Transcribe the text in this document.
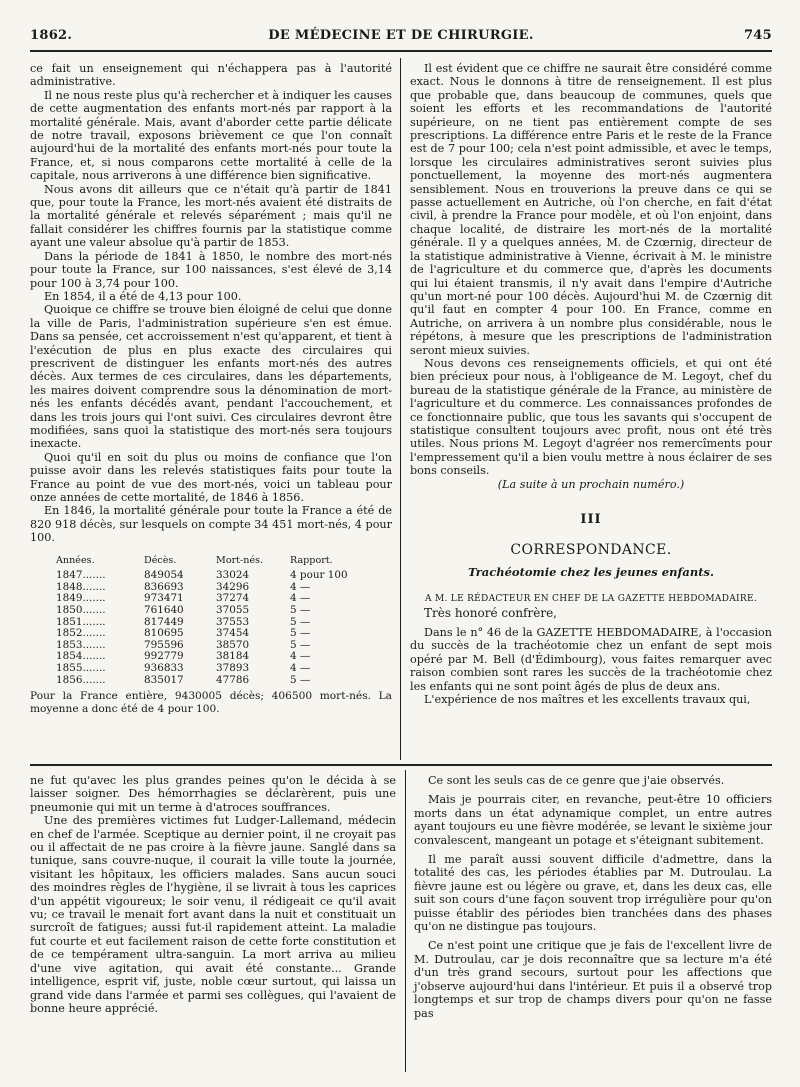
1862.	DE MÉDECINE ET DE CHIRURGIE.	745

ce fait un enseignement qui n'échappera pas à l'autorité administrative.

Il ne nous reste plus qu'à rechercher et à indiquer les causes de cette augmentation des enfants mort-nés par rapport à la mortalité générale. Mais, avant d'aborder cette partie délicate de notre travail, exposons brièvement ce que l'on connaît aujourd'hui de la mortalité des enfants mort-nés pour toute la France, et, si nous comparons cette mortalité à celle de la capitale, nous arriverons à une différence bien significative.

Nous avons dit ailleurs que ce n'était qu'à partir de 1841 que, pour toute la France, les mort-nés avaient été distraits de la mortalité générale et relevés séparément ; mais qu'il ne fallait considérer les chiffres fournis par la statistique comme ayant une valeur absolue qu'à partir de 1853.

Dans la période de 1841 à 1850, le nombre des mort-nés pour toute la France, sur 100 naissances, s'est élevé de 3,14 pour 100 à 3,74 pour 100.

En 1854, il a été de 4,13 pour 100.

Quoique ce chiffre se trouve bien éloigné de celui que donne la ville de Paris, l'administration supérieure s'en est émue. Dans sa pensée, cet accroissement n'est qu'apparent, et tient à l'exécution de plus en plus exacte des circulaires qui prescrivent de distinguer les enfants mort-nés des autres décès. Aux termes de ces circulaires, dans les départements, les maires doivent comprendre sous la dénomination de mort-nés les enfants décédés avant, pendant l'accouchement, et dans les trois jours qui l'ont suivi. Ces circulaires devront être modifiées, sans quoi la statistique des mort-nés sera toujours inexacte.

Quoi qu'il en soit du plus ou moins de confiance que l'on puisse avoir dans les relevés statistiques faits pour toute la France au point de vue des mort-nés, voici un tableau pour onze années de cette mortalité, de 1846 à 1856.

En 1846, la mortalité générale pour toute la France a été de 820 918 décès, sur lesquels on compte 34 451 mort-nés, 4 pour 100.

Années.	Décès.	Mort-nés.	Rapport.
1847.......	849054	33024	4 pour 100
1848.......	836693	34296	4 —
1849.......	973471	37274	4 —
1850.......	761640	37055	5 —
1851.......	817449	37553	5 —
1852.......	810695	37454	5 —
1853.......	795596	38570	5 —
1854.......	992779	38184	4 —
1855.......	936833	37893	4 —
1856.......	835017	47786	5 —

Pour la France entière, 9430005 décès; 406500 mort-nés. La moyenne a donc été de 4 pour 100.

Il est évident que ce chiffre ne saurait être considéré comme exact. Nous le donnons à titre de renseignement. Il est plus que probable que, dans beaucoup de communes, quels que soient les efforts et les recommandations de l'autorité supérieure, on ne tient pas entièrement compte de ses prescriptions. La différence entre Paris et le reste de la France est de 7 pour 100; cela n'est point admissible, et avec le temps, lorsque les circulaires administratives seront suivies plus ponctuellement, la moyenne des mort-nés augmentera sensiblement. Nous en trouverions la preuve dans ce qui se passe actuellement en Autriche, où l'on cherche, en fait d'état civil, à prendre la France pour modèle, et où l'on enjoint, dans chaque localité, de distraire les mort-nés de la mortalité générale. Il y a quelques années, M. de Czœrnig, directeur de la statistique administrative à Vienne, écrivait à M. le ministre de l'agriculture et du commerce que, d'après les documents qui lui étaient transmis, il n'y avait dans l'empire d'Autriche qu'un mort-né pour 100 décès. Aujourd'hui M. de Czœrnig dit qu'il faut en compter 4 pour 100. En France, comme en Autriche, on arrivera à un nombre plus considérable, nous le répétons, à mesure que les prescriptions de l'administration seront mieux suivies.

Nous devons ces renseignements officiels, et qui ont été bien précieux pour nous, à l'obligeance de M. Legoyt, chef du bureau de la statistique générale de la France, au ministère de l'agriculture et du commerce. Les connaissances profondes de ce fonctionnaire public, que tous les savants qui s'occupent de statistique consultent toujours avec profit, nous ont été très utiles. Nous prions M. Legoyt d'agréer nos remercîments pour l'empressement qu'il a bien voulu mettre à nous éclairer de ses bons conseils.

(La suite à un prochain numéro.)

III
CORRESPONDANCE.
Trachéotomie chez les jeunes enfants.
A M. LE RÉDACTEUR EN CHEF DE LA GAZETTE HEBDOMADAIRE.

Très honoré confrère,

Dans le n° 46 de la GAZETTE HEBDOMADAIRE, à l'occasion du succès de la trachéotomie chez un enfant de sept mois opéré par M. Bell (d'Édimbourg), vous faites remarquer avec raison combien sont rares les succès de la trachéotomie chez les enfants qui ne sont point âgés de plus de deux ans.

L'expérience de nos maîtres et les excellents travaux qui,

ne fut qu'avec les plus grandes peines qu'on le décida à se laisser soigner. Des hémorrhagies se déclarèrent, puis une pneumonie qui mit un terme à d'atroces souffrances.

Une des premières victimes fut Ludger-Lallemand, médecin en chef de l'armée. Sceptique au dernier point, il ne croyait pas ou il affectait de ne pas croire à la fièvre jaune. Sanglé dans sa tunique, sans couvre-nuque, il courait la ville toute la journée, visitant les hôpitaux, les officiers malades. Sans aucun souci des moindres règles de l'hygiène, il se livrait à tous les caprices d'un appétit vigoureux; le soir venu, il rédigeait ce qu'il avait vu; ce travail le menait fort avant dans la nuit et constituait un surcroît de fatigues; aussi fut-il rapidement atteint. La maladie fut courte et eut facilement raison de cette forte constitution et de ce tempérament ultra-sanguin. La mort arriva au milieu d'une vive agitation, qui avait été constante... Grande intelligence, esprit vif, juste, noble cœur surtout, qui laissa un grand vide dans l'armée et parmi ses collègues, qui l'avaient de bonne heure apprécié.

Ce sont les seuls cas de ce genre que j'aie observés.

Mais je pourrais citer, en revanche, peut-être 10 officiers morts dans un état adynamique complet, un entre autres ayant toujours eu une fièvre modérée, se levant le sixième jour convalescent, mangeant un potage et s'éteignant subitement.

Il me paraît aussi souvent difficile d'admettre, dans la totalité des cas, les périodes établies par M. Dutroulau. La fièvre jaune est ou légère ou grave, et, dans les deux cas, elle suit son cours d'une façon souvent trop irrégulière pour qu'on puisse établir des périodes bien tranchées dans des phases qu'on ne distingue pas toujours.

Ce n'est point une critique que je fais de l'excellent livre de M. Dutroulau, car je dois reconnaître que sa lecture m'a été d'un très grand secours, surtout pour les affections que j'observe aujourd'hui dans l'intérieur. Et puis il a observé trop longtemps et sur trop de champs divers pour qu'on ne fasse pas
